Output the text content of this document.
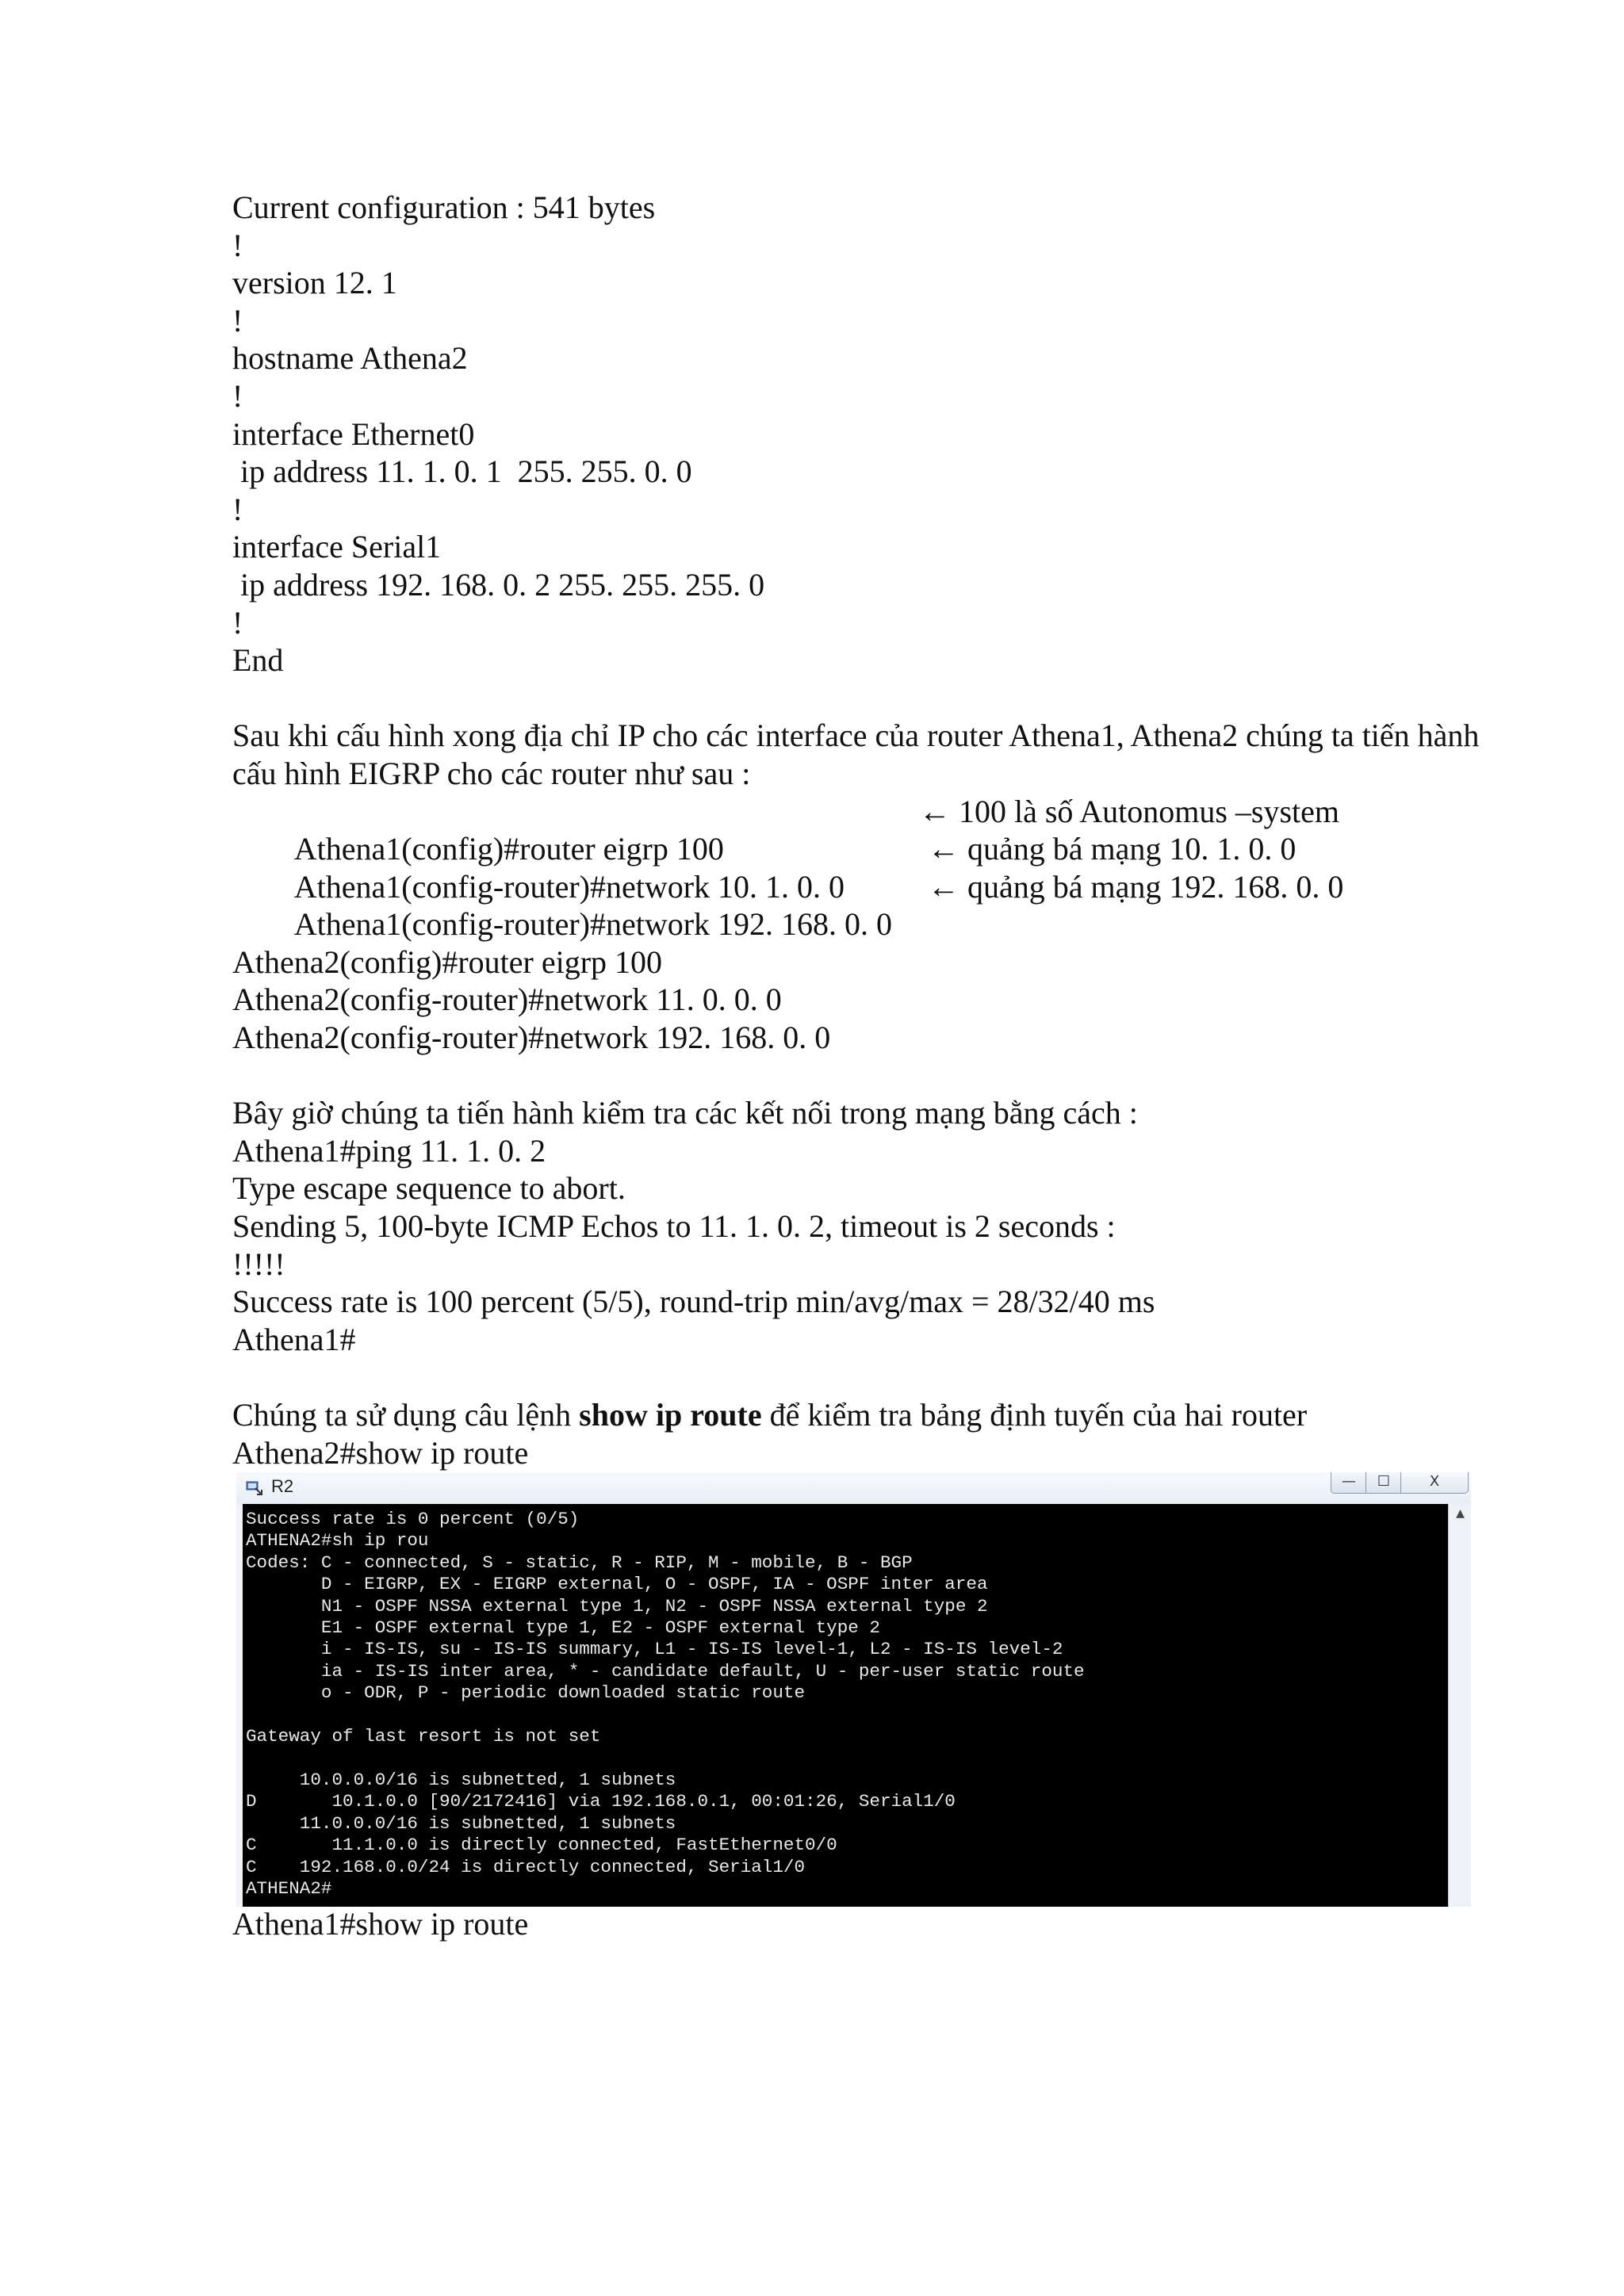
Current configuration : 541 bytes
!
version 12. 1
!
hostname Athena2
!
interface Ethernet0
ip address 11. 1. 0. 1  255. 255. 0. 0
!
interface Serial1
ip address 192. 168. 0. 2 255. 255. 255. 0
!
End
Sau khi cấu hình xong địa chỉ IP cho các interface của router Athena1, Athena2 chúng ta tiến hành cấu hình EIGRP cho các router như sau :

Athena1(config)#router eigrp 100

← 100 là số Autonomus –system

Athena1(config-router)#network 10. 1. 0. 0

← quảng bá mạng 10. 1. 0. 0

Athena1(config-router)#network 192. 168. 0. 0

← quảng bá mạng 192. 168. 0. 0

Athena2(config)#router eigrp 100
Athena2(config-router)#network 11. 0. 0. 0
Athena2(config-router)#network 192. 168. 0. 0
Bây giờ chúng ta tiến hành kiểm tra các kết nối trong mạng bằng cách :
Athena1#ping 11. 1. 0. 2
Type escape sequence to abort.
Sending 5, 100-byte ICMP Echos to 11. 1. 0. 2, timeout is 2 seconds :
!!!!!
Success rate is 100 percent (5/5), round-trip min/avg/max = 28/32/40 ms
Athena1#
Chúng ta sử dụng câu lệnh show ip route để kiểm tra bảng định tuyến của hai router
Athena2#show ip route
R2	—	☐	X
Success rate is 0 percent (0/5)
ATHENA2#sh ip rou
Codes: C - connected, S - static, R - RIP, M - mobile, B - BGP
D - EIGRP, EX - EIGRP external, O - OSPF, IA - OSPF inter area
N1 - OSPF NSSA external type 1, N2 - OSPF NSSA external type 2
E1 - OSPF external type 1, E2 - OSPF external type 2
i - IS-IS, su - IS-IS summary, L1 - IS-IS level-1, L2 - IS-IS level-2
ia - IS-IS inter area, * - candidate default, U - per-user static route
o - ODR, P - periodic downloaded static route

Gateway of last resort is not set

10.0.0.0/16 is subnetted, 1 subnets
D       10.1.0.0 [90/2172416] via 192.168.0.1, 00:01:26, Serial1/0
11.0.0.0/16 is subnetted, 1 subnets
C       11.1.0.0 is directly connected, FastEthernet0/0
C    192.168.0.0/24 is directly connected, Serial1/0
ATHENA2#
▲
Athena1#show ip route
